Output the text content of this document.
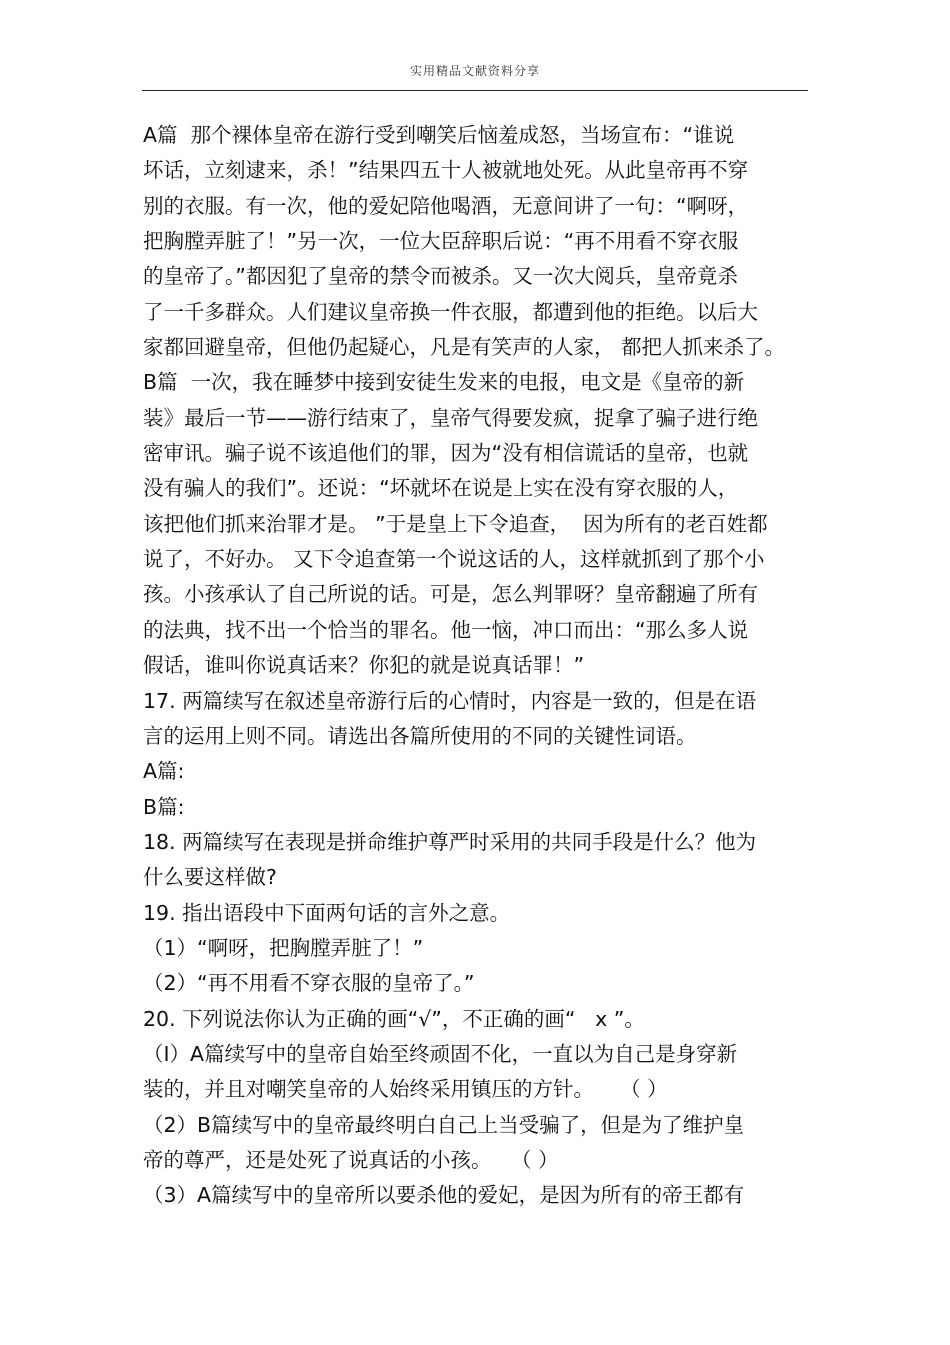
实用精品文献资料分享
A篇  那个裸体皇帝在游行受到嘲笑后恼羞成怒，当场宣布：“谁说
坏话，立刻逮来，杀！”结果四五十人被就地处死。从此皇帝再不穿
别的衣服。有一次，他的爱妃陪他喝酒，无意间讲了一句：“啊呀，
把胸膛弄脏了！”另一次，一位大臣辞职后说：“再不用看不穿衣服
的皇帝了。”都因犯了皇帝的禁令而被杀。又一次大阅兵，皇帝竟杀
了一千多群众。人们建议皇帝换一件衣服，都遭到他的拒绝。以后大
家都回避皇帝，但他仍起疑心，凡是有笑声的人家， 都把人抓来杀了。
B篇  一次，我在睡梦中接到安徒生发来的电报，电文是《皇帝的新
装》最后一节——游行结束了，皇帝气得要发疯，捉拿了骗子进行绝
密审讯。骗子说不该追他们的罪，因为“没有相信谎话的皇帝，也就
没有骗人的我们”。还说：“坏就坏在说是上实在没有穿衣服的人，
该把他们抓来治罪才是。 ”于是皇上下令追查，  因为所有的老百姓都
说了，不好办。 又下令追查第一个说这话的人，这样就抓到了那个小
孩。小孩承认了自己所说的话。可是，怎么判罪呀？皇帝翻遍了所有
的法典，找不出一个恰当的罪名。他一恼，冲口而出：“那么多人说
假话，谁叫你说真话来？你犯的就是说真话罪！”
17. 两篇续写在叙述皇帝游行后的心情时，内容是一致的，但是在语
言的运用上则不同。请选出各篇所使用的不同的关键性词语。
A篇:
B篇:
18. 两篇续写在表现是拼命维护尊严时采用的共同手段是什么？他为
什么要这样做?
19. 指出语段中下面两句话的言外之意。
（1）“啊呀，把胸膛弄脏了！”
（2）“再不用看不穿衣服的皇帝了。”
20. 下列说法你认为正确的画“√”，不正确的画“   x ”。
（I）A篇续写中的皇帝自始至终顽固不化，一直以为自己是身穿新
装的，并且对嘲笑皇帝的人始终采用镇压的方针。    （ ）
（2）B篇续写中的皇帝最终明白自己上当受骗了，但是为了维护皇
帝的尊严，还是处死了说真话的小孩。   （ ）
（3）A篇续写中的皇帝所以要杀他的爱妃，是因为所有的帝王都有
